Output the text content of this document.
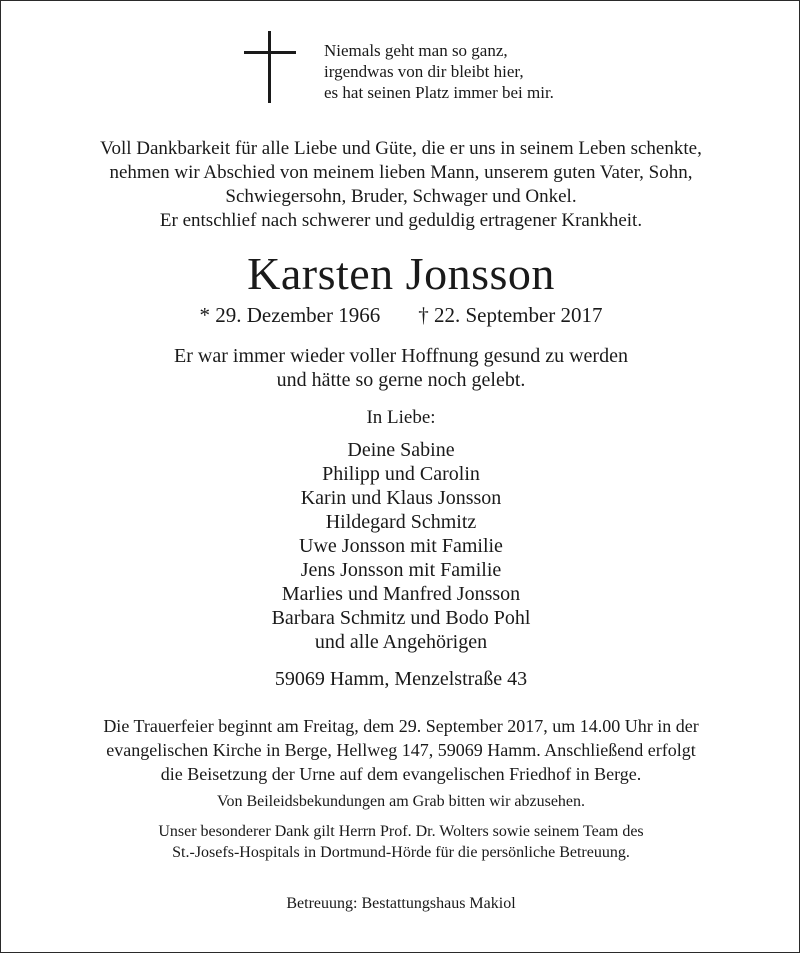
Niemals geht man so ganz,
irgendwas von dir bleibt hier,
es hat seinen Platz immer bei mir.
Voll Dankbarkeit für alle Liebe und Güte, die er uns in seinem Leben schenkte,
nehmen wir Abschied von meinem lieben Mann, unserem guten Vater, Sohn,
Schwiegersohn, Bruder, Schwager und Onkel.
Er entschlief nach schwerer und geduldig ertragener Krankheit.
Karsten Jonsson
* 29. Dezember 1966 † 22. September 2017
Er war immer wieder voller Hoffnung gesund zu werden
und hätte so gerne noch gelebt.
In Liebe:
Deine Sabine
Philipp und Carolin
Karin und Klaus Jonsson
Hildegard Schmitz
Uwe Jonsson mit Familie
Jens Jonsson mit Familie
Marlies und Manfred Jonsson
Barbara Schmitz und Bodo Pohl
und alle Angehörigen
59069 Hamm, Menzelstraße 43
Die Trauerfeier beginnt am Freitag, dem 29. September 2017, um 14.00 Uhr in der
evangelischen Kirche in Berge, Hellweg 147, 59069 Hamm. Anschließend erfolgt
die Beisetzung der Urne auf dem evangelischen Friedhof in Berge.
Von Beileidsbekundungen am Grab bitten wir abzusehen.
Unser besonderer Dank gilt Herrn Prof. Dr. Wolters sowie seinem Team des
St.-Josefs-Hospitals in Dortmund-Hörde für die persönliche Betreuung.
Betreuung: Bestattungshaus Makiol
